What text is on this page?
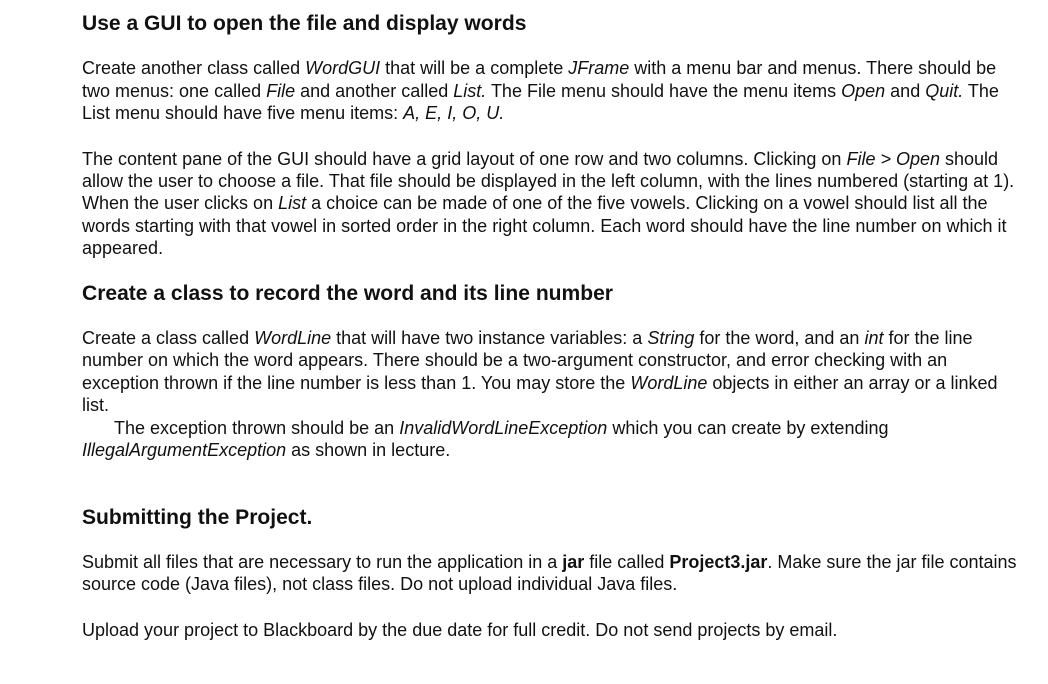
Use a GUI to open the file and display words

Create another class called WordGUI that will be a complete JFrame with a menu bar and menus. There should be two menus: one called File and another called List. The File menu should have the menu items Open and Quit. The List menu should have five menu items: A, E, I, O, U.

The content pane of the GUI should have a grid layout of one row and two columns. Clicking on File > Open should allow the user to choose a file. That file should be displayed in the left column, with the lines numbered (starting at 1). When the user clicks on List a choice can be made of one of the five vowels. Clicking on a vowel should list all the words starting with that vowel in sorted order in the right column. Each word should have the line number on which it appeared.

Create a class to record the word and its line number

Create a class called WordLine that will have two instance variables: a String for the word, and an int for the line number on which the word appears. There should be a two-argument constructor, and error checking with an exception thrown if the line number is less than 1. You may store the WordLine objects in either an array or a linked list.

The exception thrown should be an InvalidWordLineException which you can create by extending IllegalArgumentException as shown in lecture.

Submitting the Project.

Submit all files that are necessary to run the application in a jar file called Project3.jar. Make sure the jar file contains source code (Java files), not class files. Do not upload individual Java files.

Upload your project to Blackboard by the due date for full credit. Do not send projects by email.
